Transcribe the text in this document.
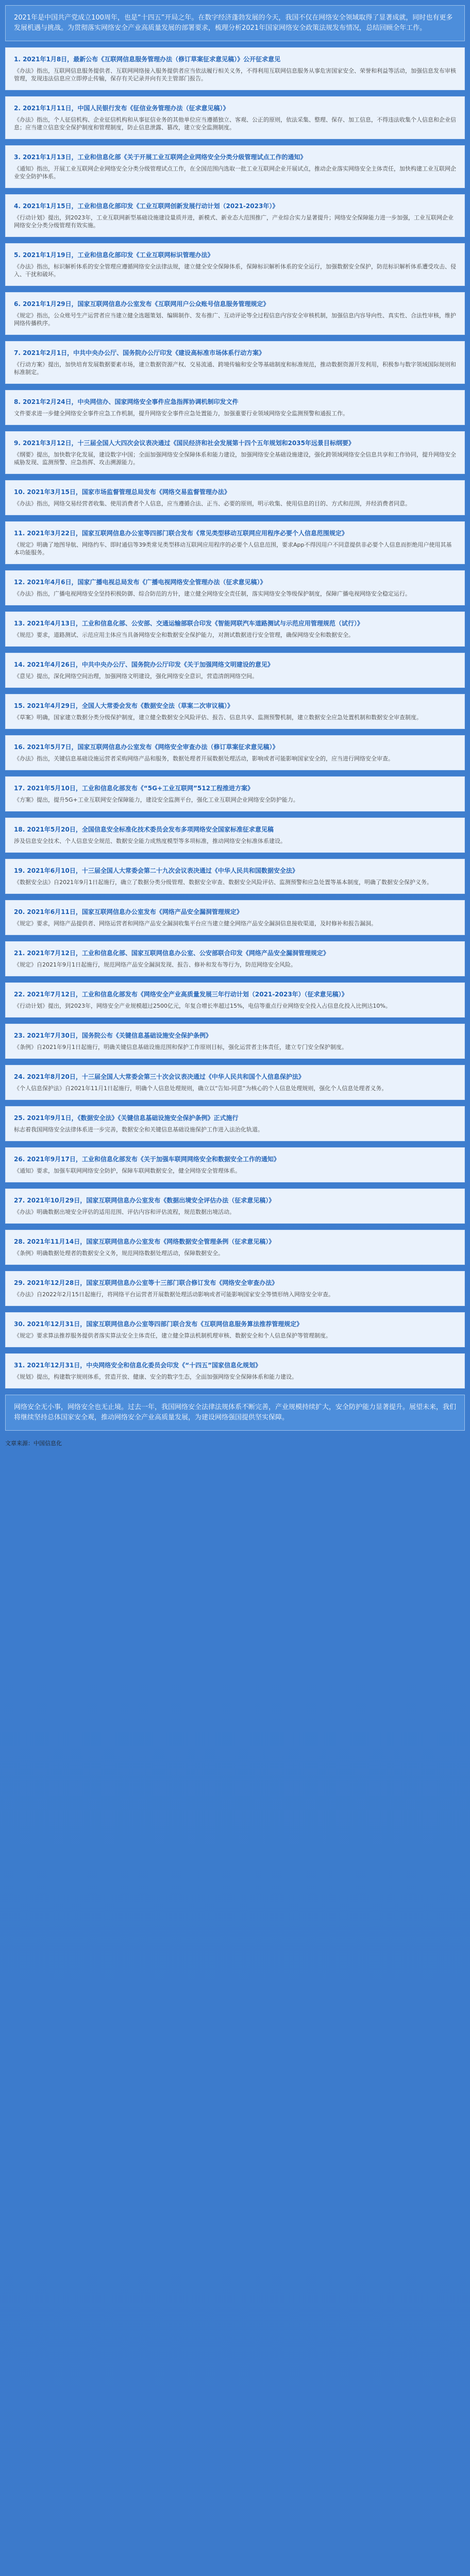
2021年是中国共产党成立100周年，也是“十四五”开局之年。在数字经济蓬勃发展的今天，我国不仅在网络安全领域取得了显著成就，同时也有更多发展机遇与挑战。为贯彻落实网络安全产业高质量发展的部署要求，梳理分析2021年国家网络安全政策法规发布情况，总结回顾全年工作。
1. 2021年1月8日，最新公布《互联网信息服务管理办法（修订草案征求意见稿）》公开征求意见
《办法》指出，互联网信息服务提供者、互联网网络接入服务提供者应当依法履行相关义务，不得利用互联网信息服务从事危害国家安全、荣誉和利益等活动，加强信息发布审核管理，发现违法信息应立即停止传输，保存有关记录并向有关主管部门报告。
2. 2021年1月11日，中国人民银行发布《征信业务管理办法（征求意见稿）》
《办法》指出，个人征信机构、企业征信机构和从事征信业务的其他单位应当遵循独立、客观、公正的原则，依法采集、整理、保存、加工信息，不得违法收集个人信息和企业信息；应当建立信息安全保护制度和管理制度，防止信息泄露、篡改，建立安全监测制度。
3. 2021年1月13日，工业和信息化部《关于开展工业互联网企业网络安全分类分级管理试点工作的通知》
《通知》指出，开展工业互联网企业网络安全分类分级管理试点工作，在全国范围内选取一批工业互联网企业开展试点，推动企业落实网络安全主体责任，加快构建工业互联网企业安全防护体系。
4. 2021年1月15日，工业和信息化部印发《工业互联网创新发展行动计划（2021-2023年）》
《行动计划》提出，到2023年，工业互联网新型基础设施建设量质并进，新模式、新业态大范围推广，产业综合实力显著提升；网络安全保障能力进一步加强，工业互联网企业网络安全分类分级管理有效实施。
5. 2021年1月19日，工业和信息化部印发《工业互联网标识管理办法》
《办法》指出，标识解析体系的安全管理应遵循网络安全法律法规，建立健全安全保障体系，保障标识解析体系的安全运行，加强数据安全保护，防范标识解析体系遭受攻击、侵入、干扰和破坏。
6. 2021年1月29日，国家互联网信息办公室发布《互联网用户公众账号信息服务管理规定》
《规定》指出，公众账号生产运营者应当建立健全选题策划、编辑制作、发布推广、互动评论等全过程信息内容安全审核机制，加强信息内容导向性、真实性、合法性审核，维护网络传播秩序。
7. 2021年2月1日，中共中央办公厅、国务院办公厅印发《建设高标准市场体系行动方案》
《行动方案》提出，加快培育发展数据要素市场，建立数据资源产权、交易流通、跨境传输和安全等基础制度和标准规范，推动数据资源开发利用，积极参与数字领域国际规则和标准制定。
8. 2021年2月24日，中央网信办、国家网络安全事件应急指挥协调机制印发文件
文件要求进一步健全网络安全事件应急工作机制，提升网络安全事件应急处置能力，加强重要行业领域网络安全监测预警和通报工作。
9. 2021年3月12日，十三届全国人大四次会议表决通过《国民经济和社会发展第十四个五年规划和2035年远景目标纲要》
《纲要》提出，加快数字化发展，建设数字中国；全面加强网络安全保障体系和能力建设，加强网络安全基础设施建设，强化跨领域网络安全信息共享和工作协同，提升网络安全威胁发现、监测预警、应急指挥、攻击溯源能力。
10. 2021年3月15日，国家市场监督管理总局发布《网络交易监督管理办法》
《办法》指出，网络交易经营者收集、使用消费者个人信息，应当遵循合法、正当、必要的原则，明示收集、使用信息的目的、方式和范围，并经消费者同意。
11. 2021年3月22日，国家互联网信息办公室等四部门联合发布《常见类型移动互联网应用程序必要个人信息范围规定》
《规定》明确了地图导航、网络约车、即时通信等39类常见类型移动互联网应用程序的必要个人信息范围，要求App不得因用户不同意提供非必要个人信息而拒绝用户使用其基本功能服务。
12. 2021年4月6日，国家广播电视总局发布《广播电视网络安全管理办法（征求意见稿）》
《办法》指出，广播电视网络安全坚持积极防御、综合防范的方针，建立健全网络安全责任制，落实网络安全等级保护制度，保障广播电视网络安全稳定运行。
13. 2021年4月13日，工业和信息化部、公安部、交通运输部联合印发《智能网联汽车道路测试与示范应用管理规范（试行）》
《规范》要求，道路测试、示范应用主体应当具备网络安全和数据安全保护能力，对测试数据进行安全管理，确保网络安全和数据安全。
14. 2021年4月26日，中共中央办公厅、国务院办公厅印发《关于加强网络文明建设的意见》
《意见》提出，深化网络空间治理，加强网络文明建设，强化网络安全意识，营造清朗网络空间。
15. 2021年4月29日，全国人大常委会发布《数据安全法（草案二次审议稿）》
《草案》明确，国家建立数据分类分级保护制度，建立健全数据安全风险评估、报告、信息共享、监测预警机制，建立数据安全应急处置机制和数据安全审查制度。
16. 2021年5月7日，国家互联网信息办公室发布《网络安全审查办法（修订草案征求意见稿）》
《办法》指出，关键信息基础设施运营者采购网络产品和服务，数据处理者开展数据处理活动，影响或者可能影响国家安全的，应当进行网络安全审查。
17. 2021年5月10日，工业和信息化部发布《“5G+工业互联网”512工程推进方案》
《方案》提出，提升5G+工业互联网安全保障能力，建设安全监测平台，强化工业互联网企业网络安全防护能力。
18. 2021年5月20日，全国信息安全标准化技术委员会发布多项网络安全国家标准征求意见稿
涉及信息安全技术、个人信息安全规范、数据安全能力成熟度模型等多项标准，推动网络安全标准体系建设。
19. 2021年6月10日，十三届全国人大常委会第二十九次会议表决通过《中华人民共和国数据安全法》
《数据安全法》自2021年9月1日起施行，确立了数据分类分级管理、数据安全审查、数据安全风险评估、监测预警和应急处置等基本制度，明确了数据安全保护义务。
20. 2021年6月11日，国家互联网信息办公室发布《网络产品安全漏洞管理规定》
《规定》要求，网络产品提供者、网络运营者和网络产品安全漏洞收集平台应当建立健全网络产品安全漏洞信息接收渠道，及时修补和报告漏洞。
21. 2021年7月12日，工业和信息化部、国家互联网信息办公室、公安部联合印发《网络产品安全漏洞管理规定》
《规定》自2021年9月1日起施行，规范网络产品安全漏洞发现、报告、修补和发布等行为，防范网络安全风险。
22. 2021年7月12日，工业和信息化部发布《网络安全产业高质量发展三年行动计划（2021-2023年）（征求意见稿）》
《行动计划》提出，到2023年，网络安全产业规模超过2500亿元，年复合增长率超过15%，电信等重点行业网络安全投入占信息化投入比例达10%。
23. 2021年7月30日，国务院公布《关键信息基础设施安全保护条例》
《条例》自2021年9月1日起施行，明确关键信息基础设施范围和保护工作原则目标，强化运营者主体责任，建立专门安全保护制度。
24. 2021年8月20日，十三届全国人大常委会第三十次会议表决通过《中华人民共和国个人信息保护法》
《个人信息保护法》自2021年11月1日起施行，明确个人信息处理规则，确立以“告知-同意”为核心的个人信息处理规则，强化个人信息处理者义务。
25. 2021年9月1日，《数据安全法》《关键信息基础设施安全保护条例》正式施行
标志着我国网络安全法律体系进一步完善，数据安全和关键信息基础设施保护工作进入法治化轨道。
26. 2021年9月17日，工业和信息化部发布《关于加强车联网网络安全和数据安全工作的通知》
《通知》要求，加强车联网网络安全防护，保障车联网数据安全，健全网络安全管理体系。
27. 2021年10月29日，国家互联网信息办公室发布《数据出境安全评估办法（征求意见稿）》
《办法》明确数据出境安全评估的适用范围、评估内容和评估流程，规范数据出境活动。
28. 2021年11月14日，国家互联网信息办公室发布《网络数据安全管理条例（征求意见稿）》
《条例》明确数据处理者的数据安全义务，规范网络数据处理活动，保障数据安全。
29. 2021年12月28日，国家互联网信息办公室等十三部门联合修订发布《网络安全审查办法》
《办法》自2022年2月15日起施行，将网络平台运营者开展数据处理活动影响或者可能影响国家安全等情形纳入网络安全审查。
30. 2021年12月31日，国家互联网信息办公室等四部门联合发布《互联网信息服务算法推荐管理规定》
《规定》要求算法推荐服务提供者落实算法安全主体责任，建立健全算法机制机理审核、数据安全和个人信息保护等管理制度。
31. 2021年12月31日，中央网络安全和信息化委员会印发《“十四五”国家信息化规划》
《规划》提出，构建数字规则体系，营造开放、健康、安全的数字生态，全面加强网络安全保障体系和能力建设。
网络安全无小事，网络安全也无止境。过去一年，我国网络安全法律法规体系不断完善，产业规模持续扩大，安全防护能力显著提升。展望未来，我们将继续坚持总体国家安全观，推动网络安全产业高质量发展，为建设网络强国提供坚实保障。
文章来源：中国信息化
